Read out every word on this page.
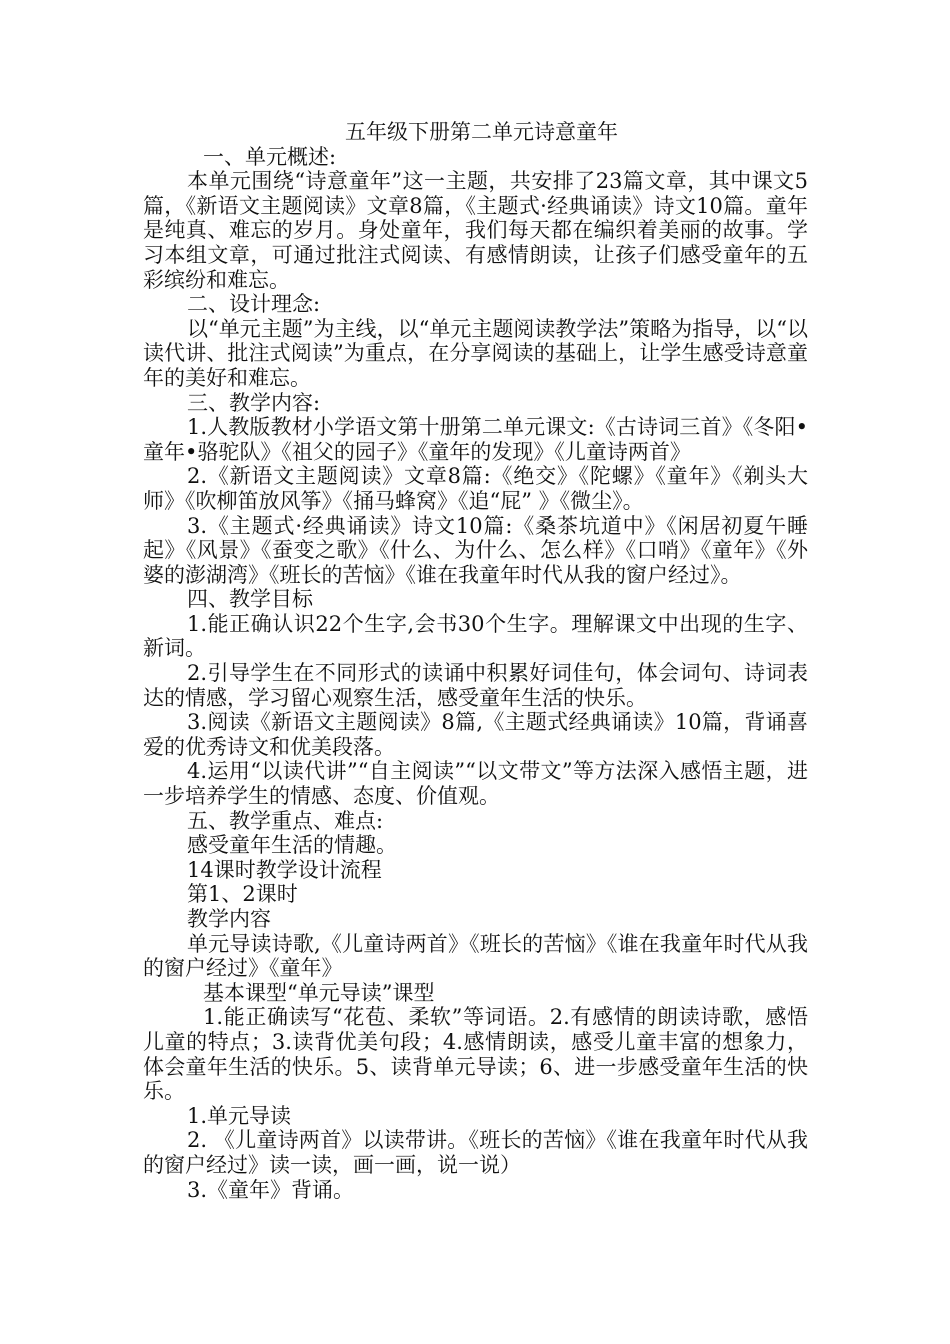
五年级下册第二单元诗意童年

一、单元概述:

本单元围绕“诗意童年”这一主题，共安排了23篇文章，其中课文5篇，《新语文主题阅读》文章8篇，《主题式·经典诵读》诗文10篇。童年是纯真、难忘的岁月。身处童年，我们每天都在编织着美丽的故事。学习本组文章，可通过批注式阅读、有感情朗读，让孩子们感受童年的五彩缤纷和难忘。

二、设计理念:

以“单元主题”为主线，以“单元主题阅读教学法”策略为指导，以“以读代讲、批注式阅读”为重点，在分享阅读的基础上，让学生感受诗意童年的美好和难忘。

三、教学内容:

1.人教版教材小学语文第十册第二单元课文:《古诗词三首》《冬阳•童年•骆驼队》《祖父的园子》《童年的发现》《儿童诗两首》

2.《新语文主题阅读》文章8篇:《绝交》《陀螺》《童年》《剃头大师》《吹柳笛放风筝》《捅马蜂窝》《追“屁” 》《微尘》。

3.《主题式·经典诵读》诗文10篇:《桑茶坑道中》《闲居初夏午睡起》《风景》《蚕变之歌》《什么、为什么、怎么样》《口哨》《童年》《外婆的澎湖湾》《班长的苦恼》《谁在我童年时代从我的窗户经过》。

四、教学目标

1.能正确认识22个生字,会书30个生字。理解课文中出现的生字、新词。

2.引导学生在不同形式的读诵中积累好词佳句，体会词句、诗词表达的情感，学习留心观察生活，感受童年生活的快乐。

3.阅读《新语文主题阅读》8篇,《主题式经典诵读》10篇，背诵喜爱的优秀诗文和优美段落。

4.运用“以读代讲”“自主阅读”“以文带文”等方法深入感悟主题，进一步培养学生的情感、态度、价值观。

五、教学重点、难点:

感受童年生活的情趣。

14课时教学设计流程

第1、2课时

教学内容

单元导读诗歌,《儿童诗两首》《班长的苦恼》《谁在我童年时代从我的窗户经过》《童年》

基本课型“单元导读”课型

1.能正确读写“花苞、柔软”等词语。2.有感情的朗读诗歌，感悟儿童的特点；3.读背优美句段；4.感情朗读，感受儿童丰富的想象力，体会童年生活的快乐。5、读背单元导读；6、进一步感受童年生活的快乐。

1.单元导读

2. 《儿童诗两首》以读带讲。《班长的苦恼》《谁在我童年时代从我的窗户经过》读一读，画一画，说一说）

3.《童年》背诵。
